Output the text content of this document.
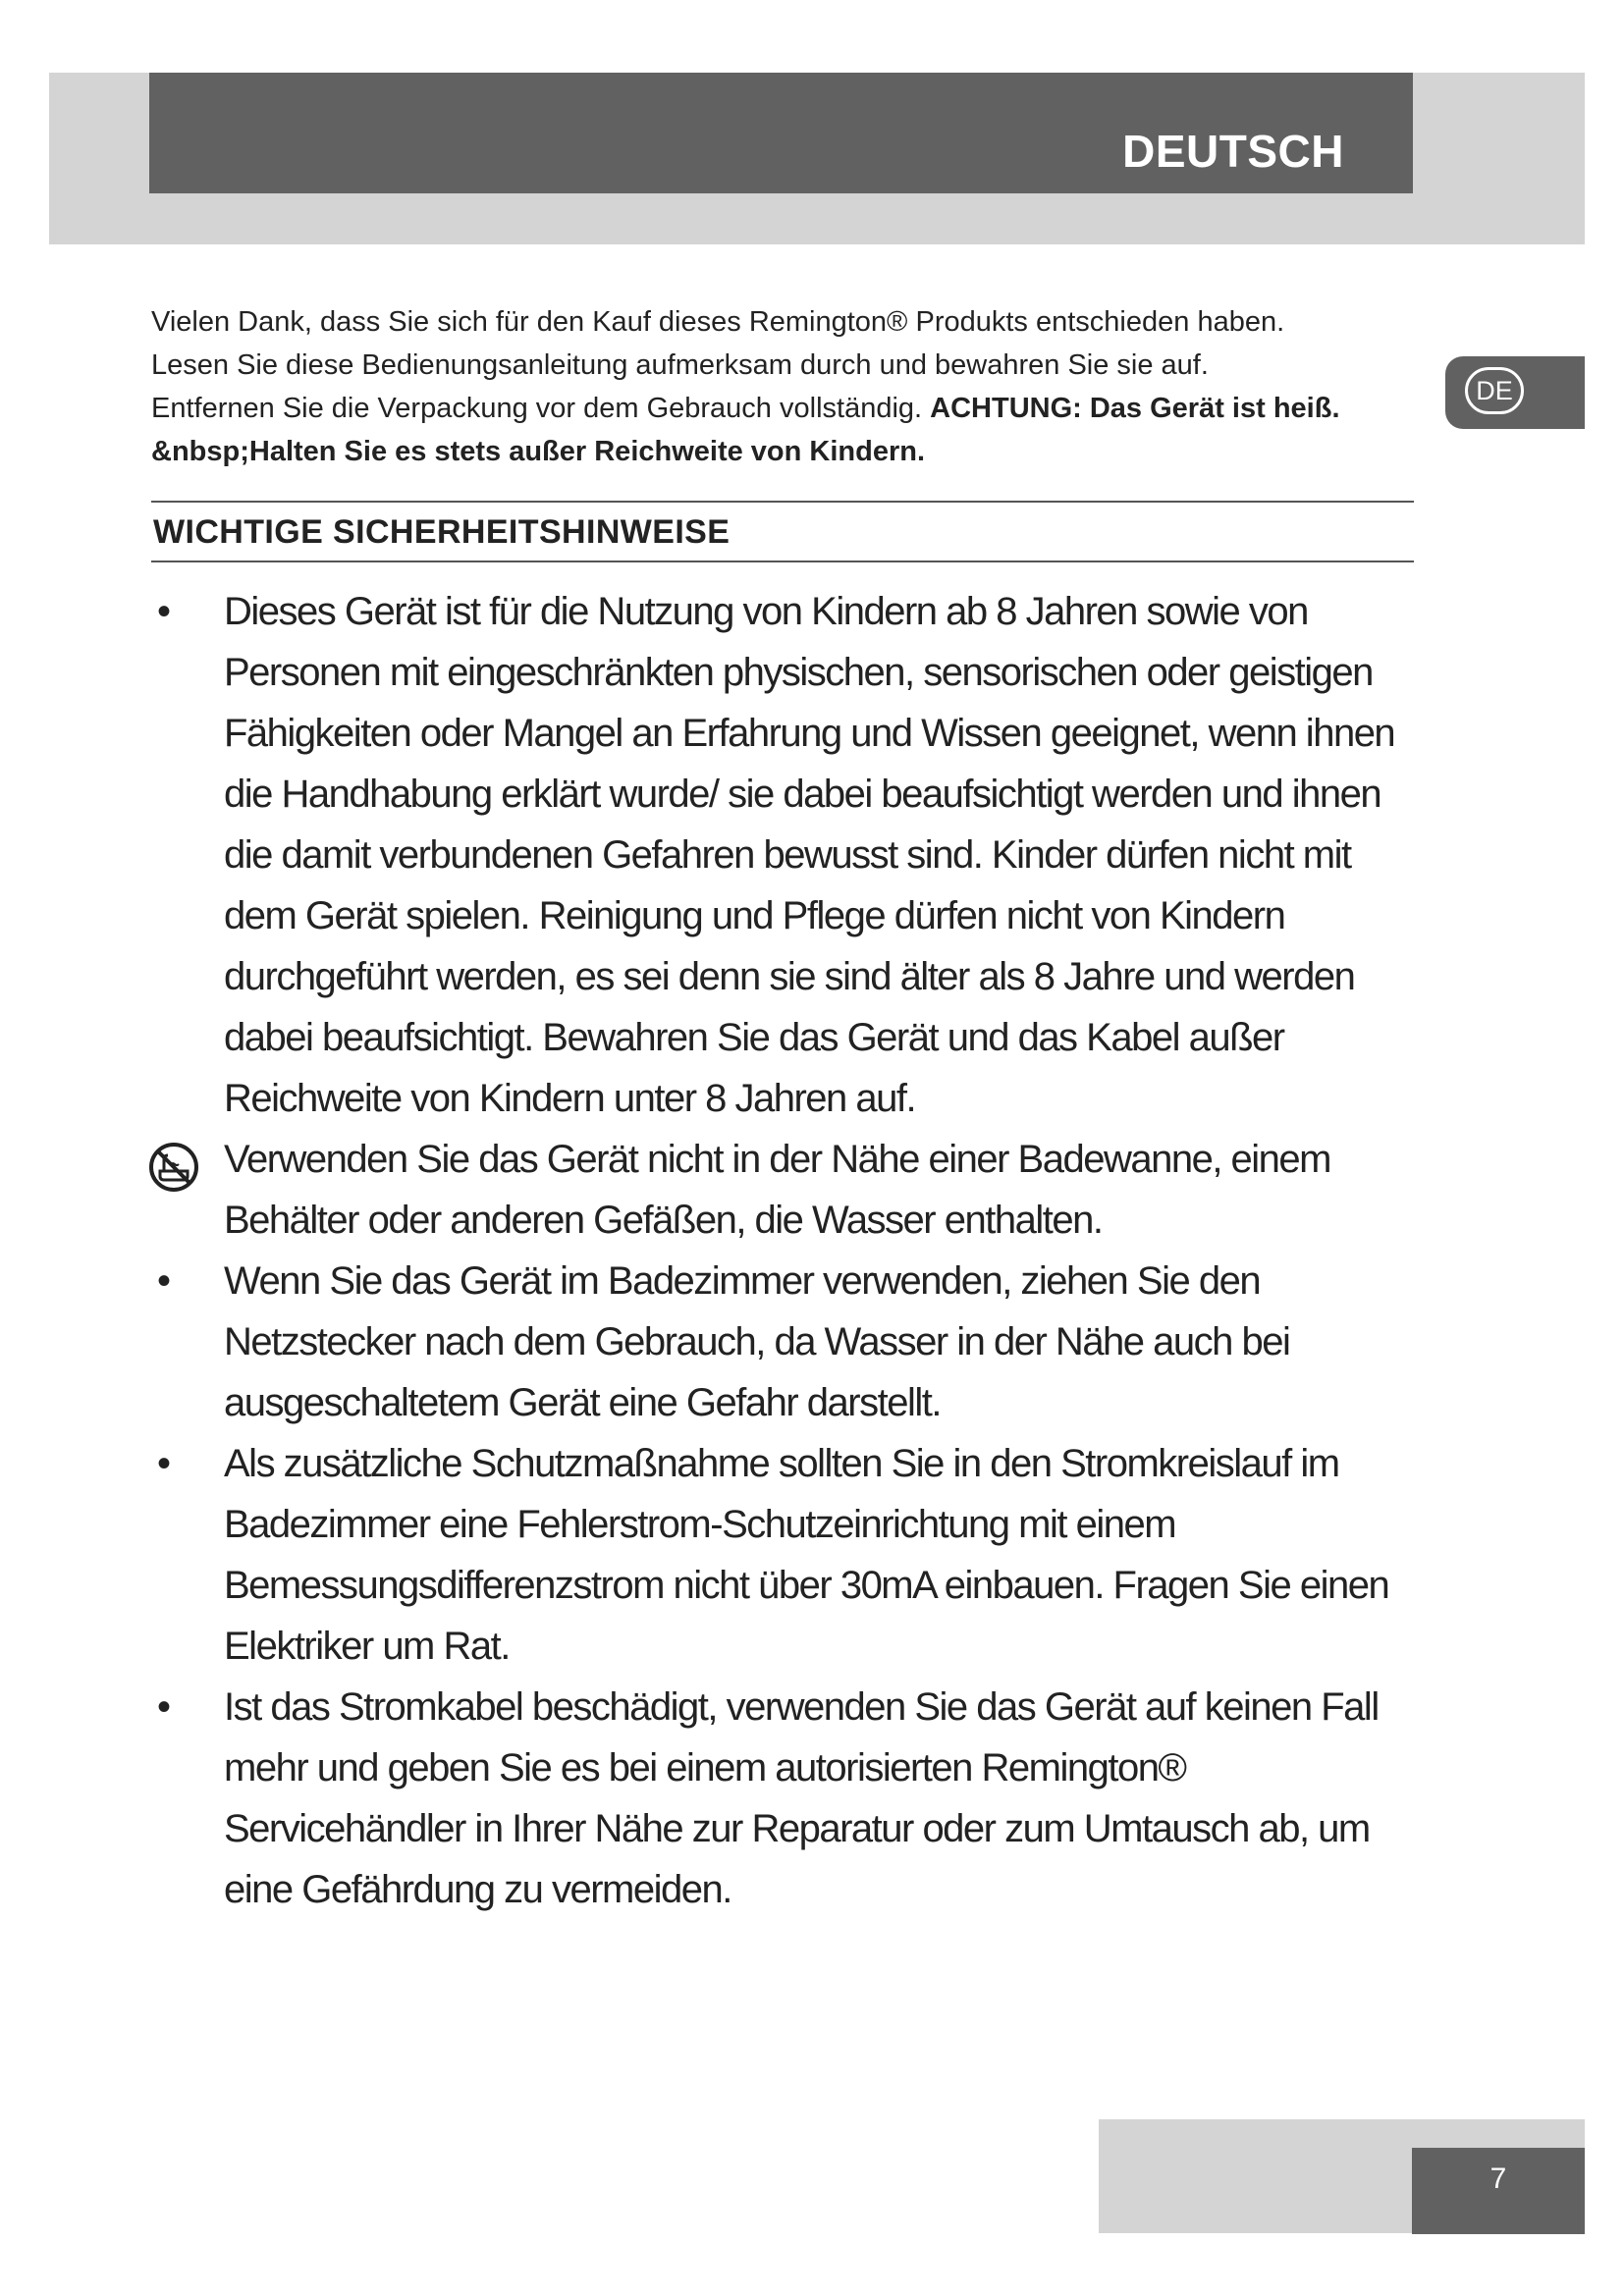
DEUTSCH
DE

Vielen Dank, dass Sie sich für den Kauf dieses Remington® Produkts entschieden haben.
Lesen Sie diese Bedienungsanleitung aufmerksam durch und bewahren Sie sie auf.
Entfernen Sie die Verpackung vor dem Gebrauch vollständig. ACHTUNG: Das Gerät ist heiß. &nbsp;Halten Sie es stets außer Reichweite von Kindern.

WICHTIGE SICHERHEITSHINWEISE
•	Dieses Gerät ist für die Nutzung von Kindern ab 8 Jahren sowie von Personen mit eingeschränkten physischen, sensorischen oder geistigen Fähigkeiten oder Mangel an Erfahrung und Wissen geeignet, wenn ihnen die Handhabung erklärt wurde/ sie dabei beaufsichtigt werden und ihnen die damit verbundenen Gefahren bewusst sind. Kinder dürfen nicht mit dem Gerät spielen. Reinigung und Pflege dürfen nicht von Kindern durchgeführt werden, es sei denn sie sind älter als 8 Jahre und werden dabei beaufsichtigt. Bewahren Sie das Gerät und das Kabel außer Reichweite von Kindern unter 8 Jahren auf.
Verwenden Sie das Gerät nicht in der Nähe einer Badewanne, einem Behälter oder anderen Gefäßen, die Wasser enthalten.
•	Wenn Sie das Gerät im Badezimmer verwenden, ziehen Sie den Netzstecker nach dem Gebrauch, da Wasser in der Nähe auch bei ausgeschaltetem Gerät eine Gefahr darstellt.
•	Als zusätzliche Schutzmaßnahme sollten Sie in den Stromkreislauf im Badezimmer eine Fehlerstrom-Schutzeinrichtung mit einem Bemessungsdifferenzstrom nicht über 30mA einbauen. Fragen Sie einen Elektriker um Rat.
•	Ist das Stromkabel beschädigt, verwenden Sie das Gerät auf keinen Fall mehr und geben Sie es bei einem autorisierten Remington® Servicehändler in Ihrer Nähe zur Reparatur oder zum Umtausch ab, um eine Gefährdung zu vermeiden.

7
